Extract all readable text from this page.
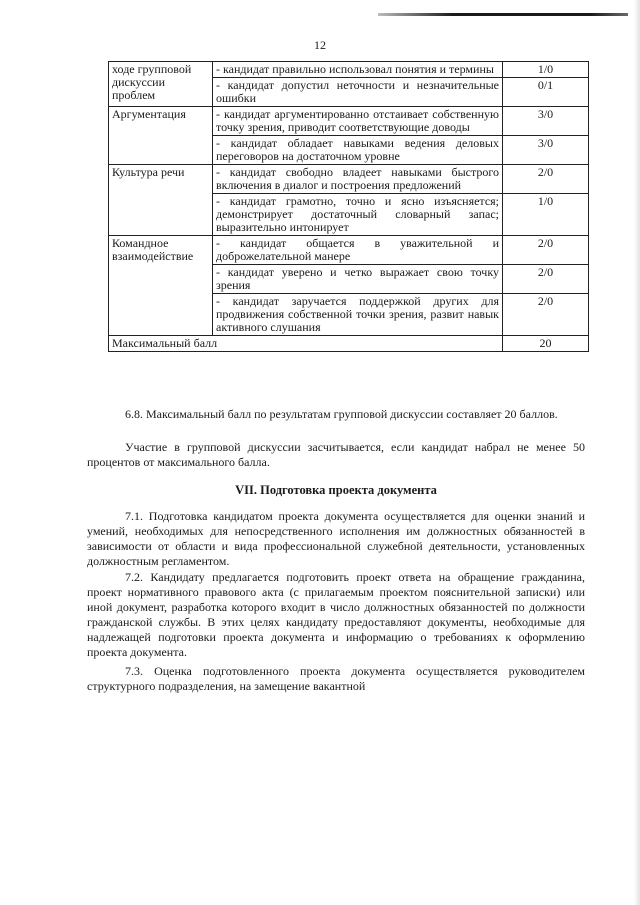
12
ходе групповой дискуссии проблем	- кандидат правильно использовал понятия и термины	1/0
	- кандидат допустил неточности и незначительные ошибки	0/1
Аргументация	- кандидат аргументированно отстаивает собственную точку зрения, приводит соответствующие доводы	3/0
	- кандидат обладает навыками ведения деловых переговоров на достаточном уровне	3/0
Культура речи	- кандидат свободно владеет навыками быстрого включения в диалог и построения предложений	2/0
	- кандидат грамотно, точно и ясно изъясняется; демонстрирует достаточный словарный запас; выразительно интонирует	1/0
Командное взаимодействие	- кандидат общается в уважительной и доброжелательной манере	2/0
	- кандидат уверено и четко выражает свою точку зрения	2/0
	- кандидат заручается поддержкой других для продвижения собственной точки зрения, развит навык активного слушания	2/0
Максимальный балл		20
6.8. Максимальный балл по результатам групповой дискуссии составляет 20 баллов.
Участие в групповой дискуссии засчитывается, если кандидат набрал не менее 50 процентов от максимального балла.
VII. Подготовка проекта документа
7.1. Подготовка кандидатом проекта документа осуществляется для оценки знаний и умений, необходимых для непосредственного исполнения им должностных обязанностей в зависимости от области и вида профессиональной служебной деятельности, установленных должностным регламентом.
7.2. Кандидату предлагается подготовить проект ответа на обращение гражданина, проект нормативного правового акта (с прилагаемым проектом пояснительной записки) или иной документ, разработка которого входит в число должностных обязанностей по должности гражданской службы. В этих целях кандидату предоставляют документы, необходимые для надлежащей подготовки проекта документа и информацию о требованиях к оформлению проекта документа.
7.3. Оценка подготовленного проекта документа осуществляется руководителем структурного подразделения, на замещение вакантной
